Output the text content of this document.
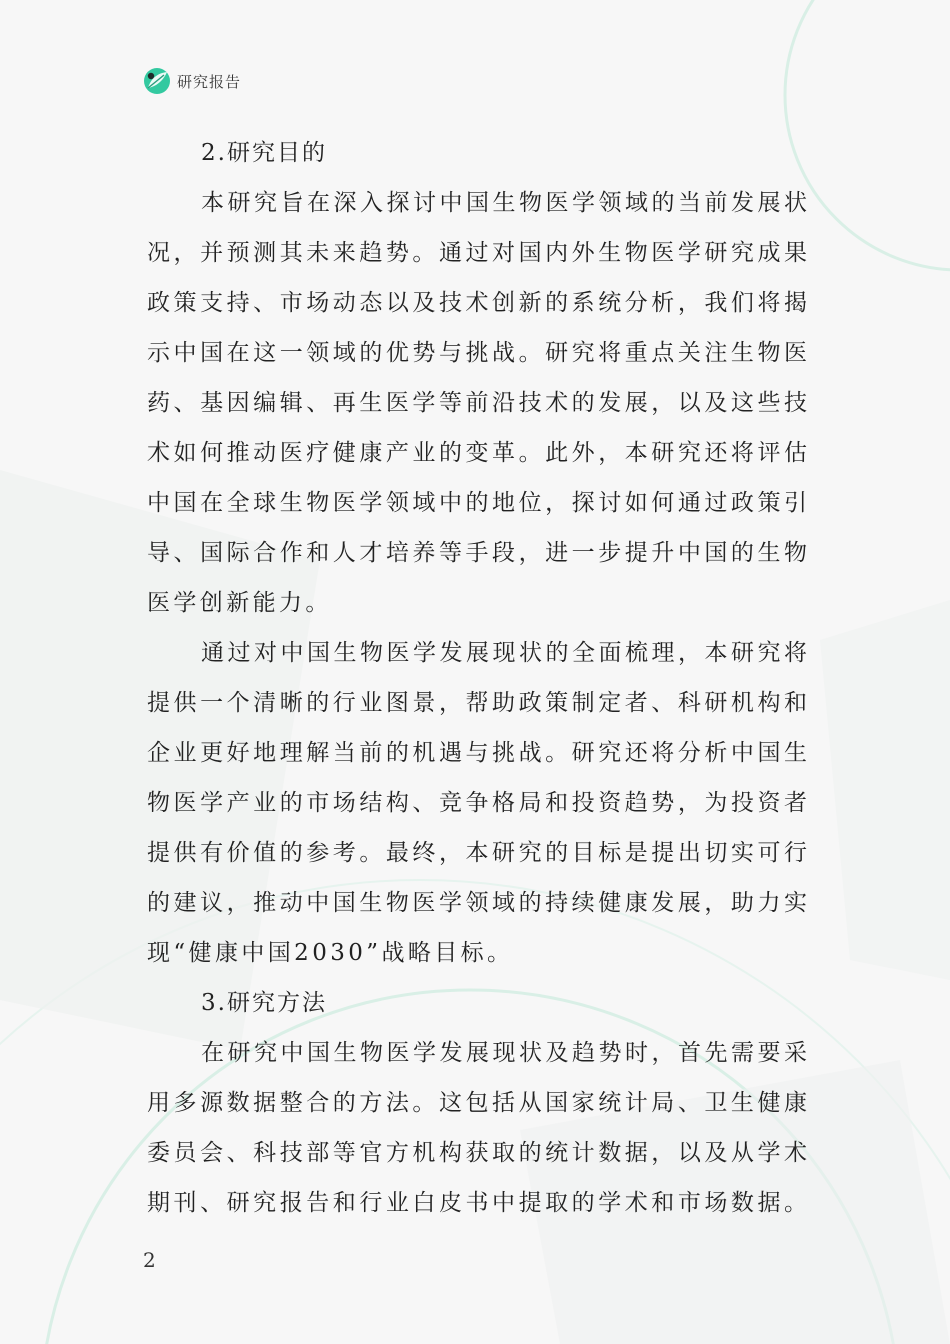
研究报告
2.研究目的
本研究旨在深入探讨中国生物医学领域的当前发展状
况，并预测其未来趋势。通过对国内外生物医学研究成果
政策支持、市场动态以及技术创新的系统分析，我们将揭
示中国在这一领域的优势与挑战。研究将重点关注生物医
药、基因编辑、再生医学等前沿技术的发展，以及这些技
术如何推动医疗健康产业的变革。此外，本研究还将评估
中国在全球生物医学领域中的地位，探讨如何通过政策引
导、国际合作和人才培养等手段，进一步提升中国的生物
医学创新能力。
通过对中国生物医学发展现状的全面梳理，本研究将
提供一个清晰的行业图景，帮助政策制定者、科研机构和
企业更好地理解当前的机遇与挑战。研究还将分析中国生
物医学产业的市场结构、竞争格局和投资趋势，为投资者
提供有价值的参考。最终，本研究的目标是提出切实可行
的建议，推动中国生物医学领域的持续健康发展，助力实
现“健康中国2030”战略目标。
3.研究方法
在研究中国生物医学发展现状及趋势时，首先需要采
用多源数据整合的方法。这包括从国家统计局、卫生健康
委员会、科技部等官方机构获取的统计数据，以及从学术
期刊、研究报告和行业白皮书中提取的学术和市场数据。
2
